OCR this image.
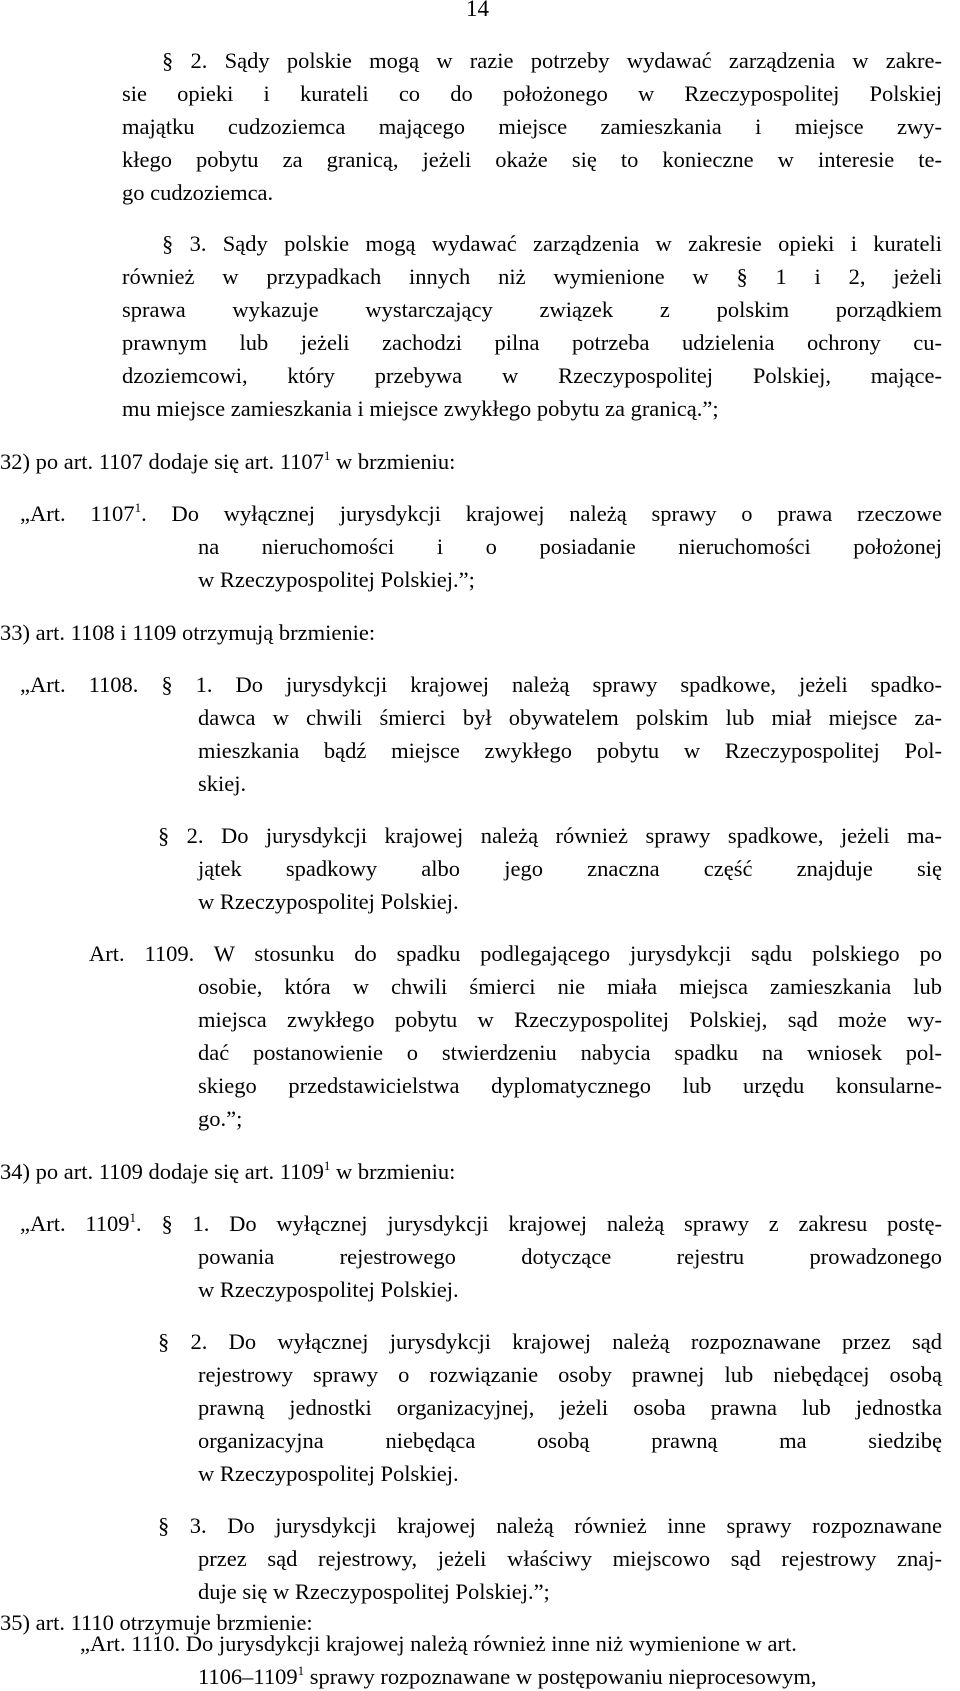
14
§ 2. Sądy polskie mogą w razie potrzeby wydawać zarządzenia w zakre-
sie opieki i kurateli co do położonego w Rzeczypospolitej Polskiej
majątku cudzoziemca mającego miejsce zamieszkania i miejsce zwy-
kłego pobytu za granicą, jeżeli okaże się to konieczne w interesie te-
go cudzoziemca.
§ 3. Sądy polskie mogą wydawać zarządzenia w zakresie opieki i kurateli
również w przypadkach innych niż wymienione w § 1 i 2, jeżeli
sprawa wykazuje wystarczający związek z polskim porządkiem
prawnym lub jeżeli zachodzi pilna potrzeba udzielenia ochrony cu-
dzoziemcowi, który przebywa w Rzeczypospolitej Polskiej, mające-
mu miejsce zamieszkania i miejsce zwykłego pobytu za granicą.”;
32) po art. 1107 dodaje się art. 1107$^1$ w brzmieniu:
„Art. 1107$^1$. Do wyłącznej jurysdykcji krajowej należą sprawy o prawa rzeczowe
na nieruchomości i o posiadanie nieruchomości położonej
w Rzeczypospolitej Polskiej.”;
33) art. 1108 i 1109 otrzymują brzmienie:
„Art. 1108. § 1. Do jurysdykcji krajowej należą sprawy spadkowe, jeżeli spadko-
dawca w chwili śmierci był obywatelem polskim lub miał miejsce za-
mieszkania bądź miejsce zwykłego pobytu w Rzeczypospolitej Pol-
skiej.
§ 2. Do jurysdykcji krajowej należą również sprawy spadkowe, jeżeli ma-
jątek spadkowy albo jego znaczna część znajduje się
w Rzeczypospolitej Polskiej.
Art. 1109. W stosunku do spadku podlegającego jurysdykcji sądu polskiego po
osobie, która w chwili śmierci nie miała miejsca zamieszkania lub
miejsca zwykłego pobytu w Rzeczypospolitej Polskiej, sąd może wy-
dać postanowienie o stwierdzeniu nabycia spadku na wniosek pol-
skiego przedstawicielstwa dyplomatycznego lub urzędu konsularne-
go.”;
34) po art. 1109 dodaje się art. 1109$^1$ w brzmieniu:
„Art. 1109$^1$. § 1. Do wyłącznej jurysdykcji krajowej należą sprawy z zakresu postę-
powania rejestrowego dotyczące rejestru prowadzonego
w Rzeczypospolitej Polskiej.
§ 2. Do wyłącznej jurysdykcji krajowej należą rozpoznawane przez sąd
rejestrowy sprawy o rozwiązanie osoby prawnej lub niebędącej osobą
prawną jednostki organizacyjnej, jeżeli osoba prawna lub jednostka
organizacyjna niebędąca osobą prawną ma siedzibę
w Rzeczypospolitej Polskiej.
§ 3. Do jurysdykcji krajowej należą również inne sprawy rozpoznawane
przez sąd rejestrowy, jeżeli właściwy miejscowo sąd rejestrowy znaj-
duje się w Rzeczypospolitej Polskiej.”;
35) art. 1110 otrzymuje brzmienie:
„Art. 1110. Do jurysdykcji krajowej należą również inne niż wymienione w art.
1106–1109$^1$ sprawy rozpoznawane w postępowaniu nieprocesowym,
